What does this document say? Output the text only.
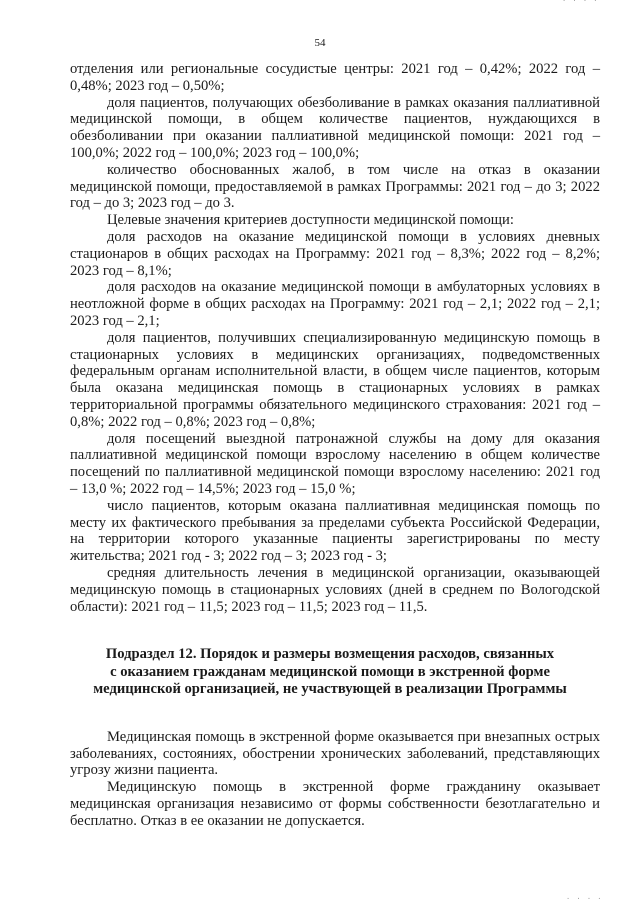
· · · ·
54

отделения или региональные сосудистые центры: 2021 год – 0,42%; 2022 год – 0,48%; 2023 год – 0,50%;

доля пациентов, получающих обезболивание в рамках оказания паллиативной медицинской помощи, в общем количестве пациентов, нуждающихся в обезболивании при оказании паллиативной медицинской помощи: 2021 год – 100,0%; 2022 год – 100,0%; 2023 год – 100,0%;

количество обоснованных жалоб, в том числе на отказ в оказании медицинской помощи, предоставляемой в рамках Программы: 2021 год – до 3; 2022 год – до 3; 2023 год – до 3.

Целевые значения критериев доступности медицинской помощи:

доля расходов на оказание медицинской помощи в условиях дневных стационаров в общих расходах на Программу: 2021 год – 8,3%; 2022 год – 8,2%; 2023 год – 8,1%;

доля расходов на оказание медицинской помощи в амбулаторных условиях в неотложной форме в общих расходах на Программу: 2021 год – 2,1; 2022 год – 2,1; 2023 год – 2,1;

доля пациентов, получивших специализированную медицинскую помощь в стационарных условиях в медицинских организациях, подведомственных федеральным органам исполнительной власти, в общем числе пациентов, которым была оказана медицинская помощь в стационарных условиях в рамках территориальной программы обязательного медицинского страхования: 2021 год – 0,8%; 2022 год – 0,8%; 2023 год – 0,8%;

доля посещений выездной патронажной службы на дому для оказания паллиативной медицинской помощи взрослому населению в общем количестве посещений по паллиативной медицинской помощи взрослому населению: 2021 год – 13,0 %; 2022 год – 14,5%; 2023 год – 15,0 %;

число пациентов, которым оказана паллиативная медицинская помощь по месту их фактического пребывания за пределами субъекта Российской Федерации, на территории которого указанные пациенты зарегистрированы по месту жительства; 2021 год - 3; 2022 год – 3; 2023 год - 3;

средняя длительность лечения в медицинской организации, оказывающей медицинскую помощь в стационарных условиях (дней в среднем по Вологодской области): 2021 год – 11,5; 2023 год – 11,5; 2023 год – 11,5.

Подраздел 12. Порядок и размеры возмещения расходов, связанных
с оказанием гражданам медицинской помощи в экстренной форме
медицинской организацией, не участвующей в реализации Программы

Медицинская помощь в экстренной форме оказывается при внезапных острых заболеваниях, состояниях, обострении хронических заболеваний, представляющих угрозу жизни пациента.

Медицинскую помощь в экстренной форме гражданину оказывает медицинская организация независимо от формы собственности безотлагательно и бесплатно. Отказ в ее оказании не допускается.

· · · ·
